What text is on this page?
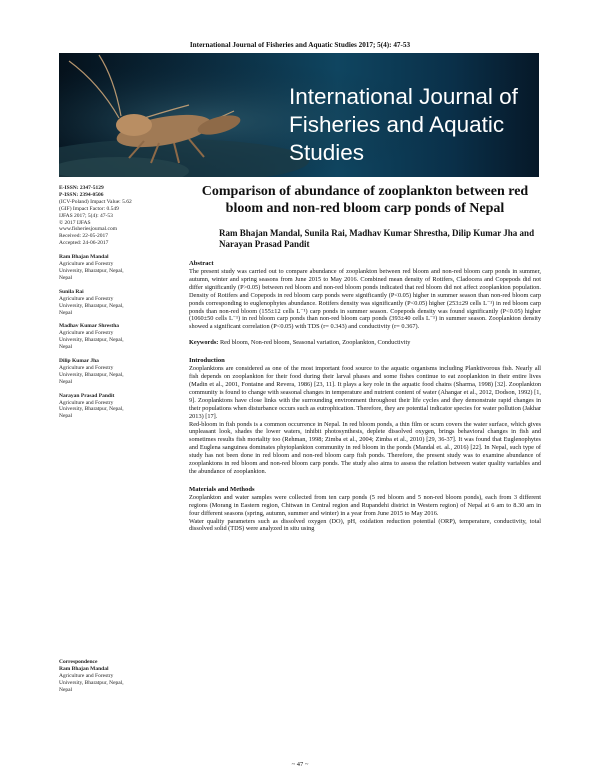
International Journal of Fisheries and Aquatic Studies 2017; 5(4): 47-53
International Journal of
Fisheries and Aquatic Studies
E-ISSN: 2347-5129
P-ISSN: 2394-0506
(ICV-Poland) Impact Value: 5.62
(GIF) Impact Factor: 0.549
IJFAS 2017; 5(4): 47-53
© 2017 IJFAS
www.fisheriesjournal.com
Received: 22-05-2017
Accepted: 24-06-2017
Ram Bhajan Mandal
Agriculture and Forestry
University, Bharatpur, Nepal,
Nepal
Sunila Rai
Agriculture and Forestry
University, Bharatpur, Nepal,
Nepal
Madhav Kumar Shrestha
Agriculture and Forestry
University, Bharatpur, Nepal,
Nepal
Dilip Kumar Jha
Agriculture and Forestry
University, Bharatpur, Nepal,
Nepal
Narayan Prasad Pandit
Agriculture and Forestry
University, Bharatpur, Nepal,
Nepal
Correspondence
Ram Bhajan Mandal
Agriculture and Forestry
University, Bharatpur, Nepal,
Nepal
Comparison of abundance of zooplankton between red bloom and non-red bloom carp ponds of Nepal
Ram Bhajan Mandal, Sunila Rai, Madhav Kumar Shrestha, Dilip Kumar Jha and Narayan Prasad Pandit
Abstract

The present study was carried out to compare abundance of zooplankton between red bloom and non-red bloom carp ponds in summer, autumn, winter and spring seasons from June 2015 to May 2016. Combined mean density of Rotifers, Cladocera and Copepods did not differ significantly (P>0.05) between red bloom and non-red bloom ponds indicated that red bloom did not affect zooplankton population. Density of Rotifers and Copepods in red bloom carp ponds were significantly (P<0.05) higher in summer season than non-red bloom carp ponds corresponding to euglenophytes abundance. Rotifers density was significantly (P<0.05) higher (253±29 cells L⁻¹) in red bloom carp ponds than non-red bloom (155±12 cells L⁻¹) carp ponds in summer season. Copepods density was found significantly (P<0.05) higher (1060±50 cells L⁻¹) in red bloom carp ponds than non-red bloom carp ponds (393±40 cells L⁻¹) in summer season. Zooplankton density showed a significant correlation (P<0.05) with TDS (r= 0.343) and conductivity (r= 0.367).

Keywords: Red bloom, Non-red bloom, Seasonal variation, Zooplankton, Conductivity
Introduction

Zooplanktons are considered as one of the most important food source to the aquatic organisms including Planktivorous fish. Nearly all fish depends on zooplankton for their food during their larval phases and some fishes continue to eat zooplankton in their entire lives (Madin et al., 2001, Fontaine and Revera, 1986) [23, 11]. It plays a key role in the aquatic food chains (Sharma, 1998) [32]. Zooplankton community is found to change with seasonal changes in temperature and nutrient content of water (Ahangar et al., 2012, Dodson, 1992) [1, 9]. Zooplanktons have close links with the surrounding environment throughout their life cycles and they demonstrate rapid changes in their populations when disturbance occurs such as eutrophication. Therefore, they are potential indicator species for water pollution (Jakhar 2013) [17].

Red-bloom in fish ponds is a common occurrence in Nepal. In red bloom ponds, a thin film or scum covers the water surface, which gives unpleasant look, shades the lower waters, inhibit photosynthesis, deplete dissolved oxygen, brings behavioral changes in fish and sometimes results fish mortality too (Rehman, 1998; Zimba et al., 2004; Zimba et al., 2010) [29, 36-37]. It was found that Euglenophytes and Euglena sanguinea dominates phytoplankton community in red bloom in the ponds (Mandal et. al., 2016) [22]. In Nepal, such type of study has not been done in red bloom and non-red bloom carp fish ponds. Therefore, the present study was to examine abundance of zooplanktons in red bloom and non-red bloom carp ponds. The study also aims to assess the relation between water quality variables and the abundance of zooplankton.

Materials and Methods

Zooplankton and water samples were collected from ten carp ponds (5 red bloom and 5 non-red bloom ponds), each from 3 different regions (Morang in Eastern region, Chitwan in Central region and Rupandehi district in Western region) of Nepal at 6 am to 8.30 am in four different seasons (spring, autumn, summer and winter) in a year from June 2015 to May 2016.

Water quality parameters such as dissolved oxygen (DO), pH, oxidation reduction potential (ORP), temperature, conductivity, total dissolved solid (TDS) were analyzed in situ using

~ 47 ~
